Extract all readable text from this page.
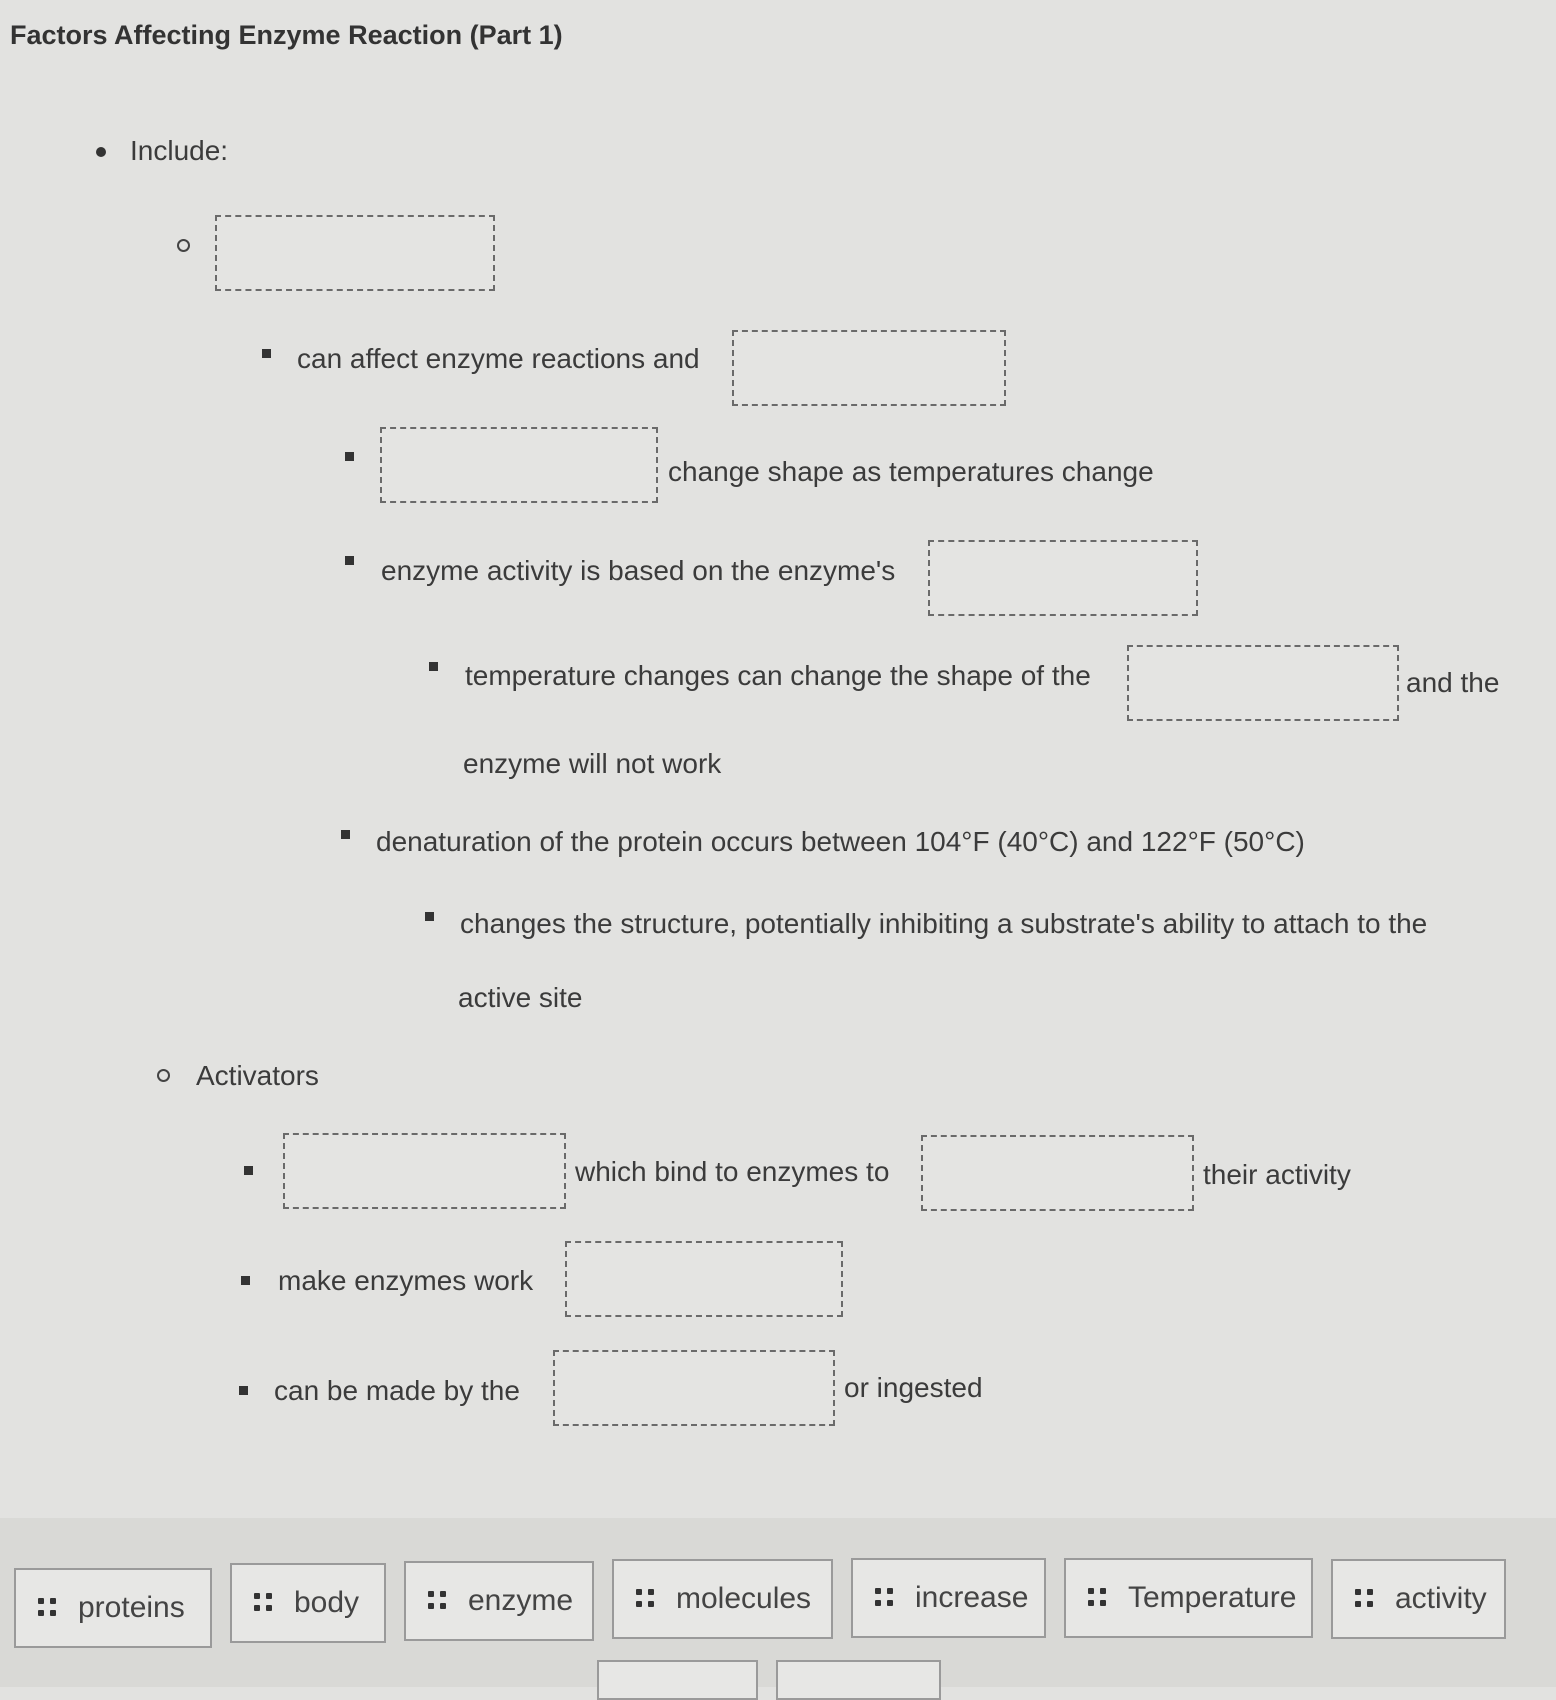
Factors Affecting Enzyme Reaction (Part 1)
Include:
can affect enzyme reactions and
change shape as temperatures change
enzyme activity is based on the enzyme's
temperature changes can change the shape of the	and the
enzyme will not work
denaturation of the protein occurs between 104°F (40°C) and 122°F (50°C)
changes the structure, potentially inhibiting a substrate's ability to attach to the
active site
Activators
which bind to enzymes to	their activity
make enzymes work
can be made by the	or ingested
proteins	body	enzyme	molecules	increase	Temperature	activity
